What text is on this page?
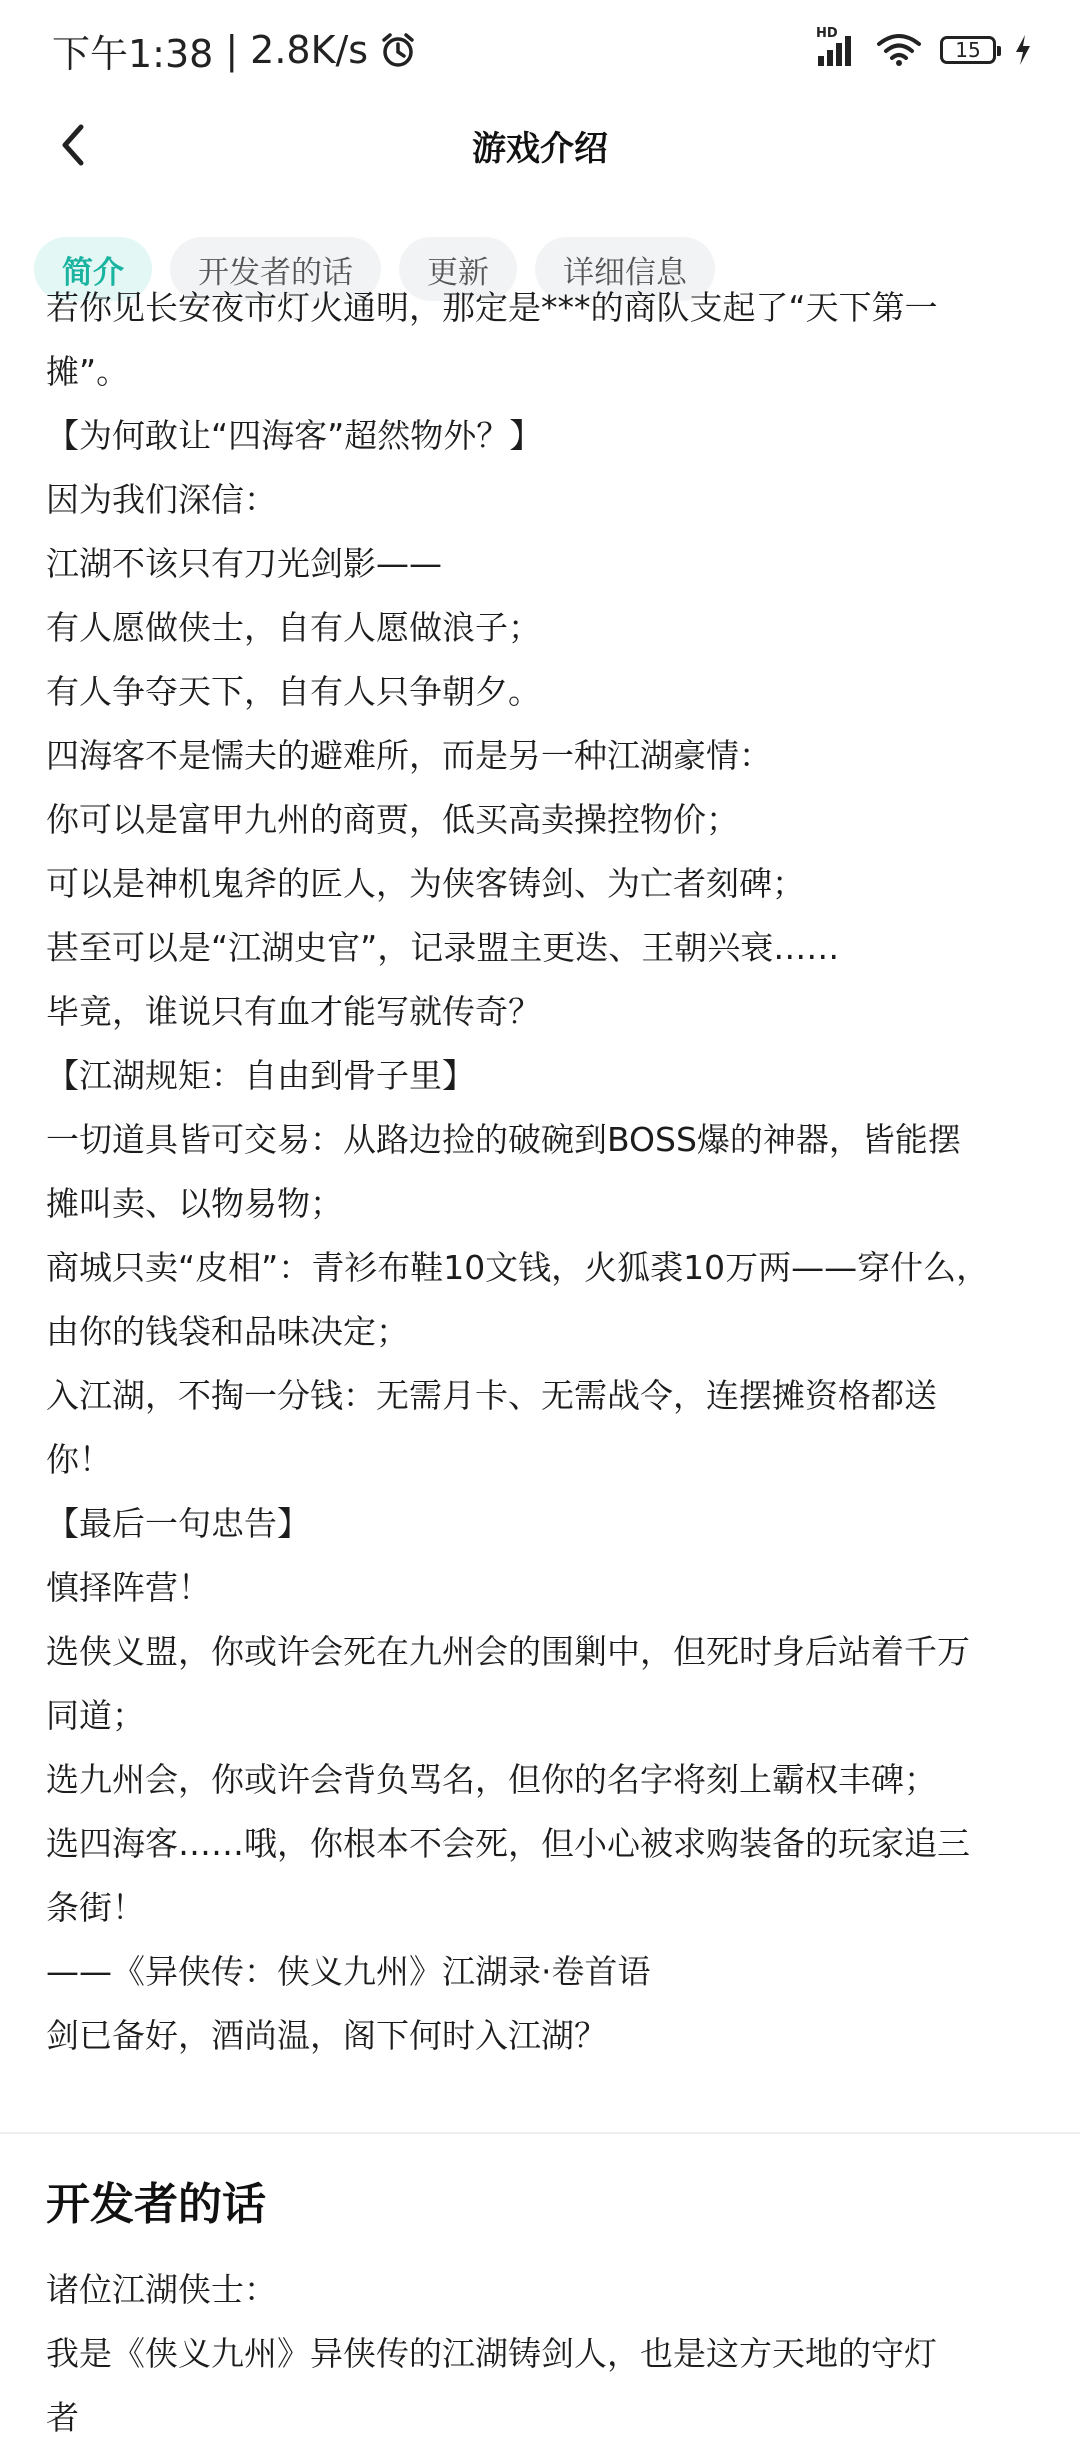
下午1:38 | 2.8K/s	HD
15
游戏介绍
简介	开发者的话	更新	详细信息

若你见长安夜市灯火通明，那定是***的商队支起了“天下第一

摊”。

【为何敢让“四海客”超然物外？】

因为我们深信：

江湖不该只有刀光剑影——

有人愿做侠士，自有人愿做浪子；

有人争夺天下，自有人只争朝夕。

四海客不是懦夫的避难所，而是另一种江湖豪情：

你可以是富甲九州的商贾，低买高卖操控物价；

可以是神机鬼斧的匠人，为侠客铸剑、为亡者刻碑；

甚至可以是“江湖史官”，记录盟主更迭、王朝兴衰……

毕竟，谁说只有血才能写就传奇？

【江湖规矩：自由到骨子里】

一切道具皆可交易：从路边捡的破碗到BOSS爆的神器，皆能摆

摊叫卖、以物易物；

商城只卖“皮相”：青衫布鞋10文钱，火狐裘10万两——穿什么，

由你的钱袋和品味决定；

入江湖，不掏一分钱：无需月卡、无需战令，连摆摊资格都送

你！

【最后一句忠告】

慎择阵营！

选侠义盟，你或许会死在九州会的围剿中，但死时身后站着千万

同道；

选九州会，你或许会背负骂名，但你的名字将刻上霸权丰碑；

选四海客……哦，你根本不会死，但小心被求购装备的玩家追三

条街！

——《异侠传：侠义九州》江湖录·卷首语

剑已备好，酒尚温，阁下何时入江湖？

开发者的话

诸位江湖侠士：

我是《侠义九州》异侠传的江湖铸剑人，也是这方天地的守灯

者
